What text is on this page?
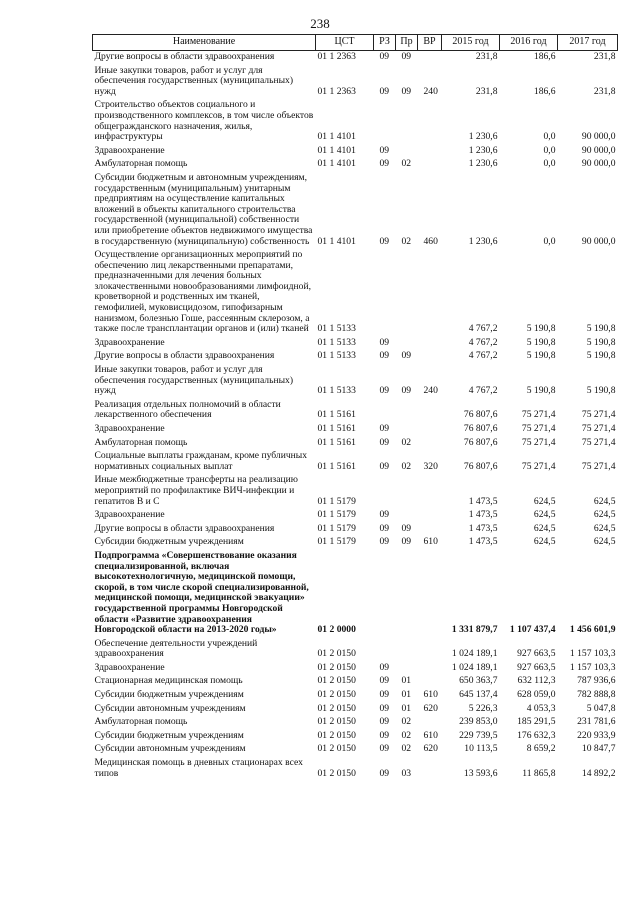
238
Наименование	ЦСТ	РЗ	Пр	ВР	2015 год	2016 год	2017 год
Другие вопросы в области здравоохранения	01 1 2363	09	09		231,8	186,6	231,8
Иные закупки товаров, работ и услуг для обеспечения государственных (муниципальных) нужд	01 1 2363	09	09	240	231,8	186,6	231,8
Строительство объектов социального и производственного комплексов, в том числе объектов общегражданского назначения, жилья, инфраструктуры	01 1 4101				1 230,6	0,0	90 000,0
Здравоохранение	01 1 4101	09			1 230,6	0,0	90 000,0
Амбулаторная помощь	01 1 4101	09	02		1 230,6	0,0	90 000,0
Субсидии бюджетным и автономным учреждениям, государственным (муниципальным) унитарным предприятиям на осуществление капитальных вложений в объекты капитального строительства государственной (муниципальной) собственности или приобретение объектов недвижимого имущества в государственную (муниципальную) собственность	01 1 4101	09	02	460	1 230,6	0,0	90 000,0
Осуществление организационных мероприятий по обеспечению лиц лекарственными препаратами, предназначенными для лечения больных злокачественными новообразованиями лимфоидной, кроветворной и родственных им тканей, гемофилией, муковисцидозом, гипофизарным нанизмом, болезнью Гоше, рассеянным склерозом, а также после трансплантации органов и (или) тканей	01 1 5133				4 767,2	5 190,8	5 190,8
Здравоохранение	01 1 5133	09			4 767,2	5 190,8	5 190,8
Другие вопросы в области здравоохранения	01 1 5133	09	09		4 767,2	5 190,8	5 190,8
Иные закупки товаров, работ и услуг для обеспечения государственных (муниципальных) нужд	01 1 5133	09	09	240	4 767,2	5 190,8	5 190,8
Реализация отдельных полномочий в области лекарственного обеспечения	01 1 5161				76 807,6	75 271,4	75 271,4
Здравоохранение	01 1 5161	09			76 807,6	75 271,4	75 271,4
Амбулаторная помощь	01 1 5161	09	02		76 807,6	75 271,4	75 271,4
Социальные выплаты гражданам, кроме публичных нормативных социальных выплат	01 1 5161	09	02	320	76 807,6	75 271,4	75 271,4
Иные межбюджетные трансферты на реализацию мероприятий по профилактике ВИЧ-инфекции и гепатитов В и С	01 1 5179				1 473,5	624,5	624,5
Здравоохранение	01 1 5179	09			1 473,5	624,5	624,5
Другие вопросы в области здравоохранения	01 1 5179	09	09		1 473,5	624,5	624,5
Субсидии бюджетным учреждениям	01 1 5179	09	09	610	1 473,5	624,5	624,5
Подпрограмма «Совершенствование оказания специализированной, включая высокотехнологичную, медицинской помощи, скорой, в том числе скорой специализированной, медицинской помощи, медицинской эвакуации» государственной программы Новгородской области «Развитие здравоохранения Новгородской области на 2013-2020 годы»	01 2 0000				1 331 879,7	1 107 437,4	1 456 601,9
Обеспечение деятельности учреждений здравоохранения	01 2 0150				1 024 189,1	927 663,5	1 157 103,3
Здравоохранение	01 2 0150	09			1 024 189,1	927 663,5	1 157 103,3
Стационарная медицинская помощь	01 2 0150	09	01		650 363,7	632 112,3	787 936,6
Субсидии бюджетным учреждениям	01 2 0150	09	01	610	645 137,4	628 059,0	782 888,8
Субсидии автономным учреждениям	01 2 0150	09	01	620	5 226,3	4 053,3	5 047,8
Амбулаторная помощь	01 2 0150	09	02		239 853,0	185 291,5	231 781,6
Субсидии бюджетным учреждениям	01 2 0150	09	02	610	229 739,5	176 632,3	220 933,9
Субсидии автономным учреждениям	01 2 0150	09	02	620	10 113,5	8 659,2	10 847,7
Медицинская помощь в дневных стационарах всех типов	01 2 0150	09	03		13 593,6	11 865,8	14 892,2
